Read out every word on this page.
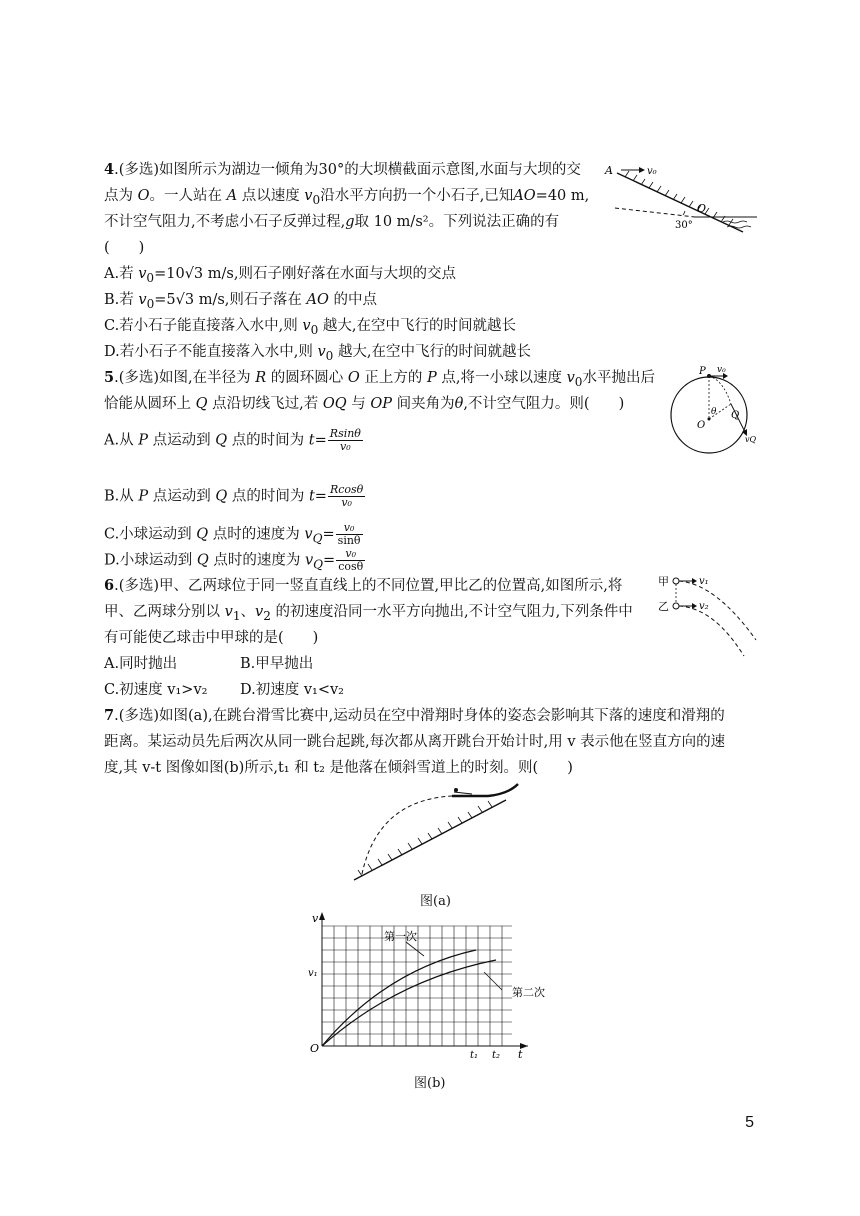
4.(多选)如图所示为湖边一倾角为30°的大坝横截面示意图,水面与大坝的交
点为 O。一人站在 A 点以速度 $v_0$沿水平方向扔一个小石子,已知AO=40 m,
不计空气阻力,不考虑小石子反弹过程,g取 10 m/s²。下列说法正确的有
(　　)
A.若 $v_0=10√3$ m/s,则石子刚好落在水面与大坝的交点
B.若 $v_0=5√3$ m/s,则石子落在 AO 的中点
C.若小石子能直接落入水中,则 $v_0$ 越大,在空中飞行的时间就越长
D.若小石子不能直接落入水中,则 $v_0$ 越大,在空中飞行的时间就越长
A	v₀
O
30°
5.(多选)如图,在半径为 R 的圆环圆心 O 正上方的 P 点,将一小球以速度 $v_0$水平抛出后
恰能从圆环上 Q 点沿切线飞过,若 OQ 与 OP 间夹角为θ,不计空气阻力。则(　　)
A.从 P 点运动到 Q 点的时间为 $t= \frac{Rsin\theta}{\text{v₀}}$
B.从 P 点运动到 Q 点的时间为 $t= \frac{Rcos\theta}{\text{v₀}}$
C.小球运动到 Q 点时的速度为 $v_Q= \frac{\text{v₀}}{\sin\theta}$
D.小球运动到 Q 点时的速度为 $v_Q= \frac{\text{v₀}}{\cos\theta}$
P v₀
θ
O
Q
vQ
6.(多选)甲、乙两球位于同一竖直直线上的不同位置,甲比乙的位置高,如图所示,将
甲、乙两球分别以 $v_1$、$v_2$ 的初速度沿同一水平方向抛出,不计空气阻力,下列条件中
有可能使乙球击中甲球的是(　　)
A.同时抛出	B.甲早抛出
C.初速度 v₁>v₂ D.初速度 v₁<v₂
甲
乙
v₁
v₂
7.(多选)如图(a),在跳台滑雪比赛中,运动员在空中滑翔时身体的姿态会影响其下落的速度和滑翔的
距离。某运动员先后两次从同一跳台起跳,每次都从离开跳台开始计时,用 v 表示他在竖直方向的速
度,其 v-t 图像如图(b)所示,t₁ 和 t₂ 是他落在倾斜雪道上的时刻。则(　　)
图(a)
v
v₁
O
t₁ t₂ t
第一次
第二次
图(b)
5
